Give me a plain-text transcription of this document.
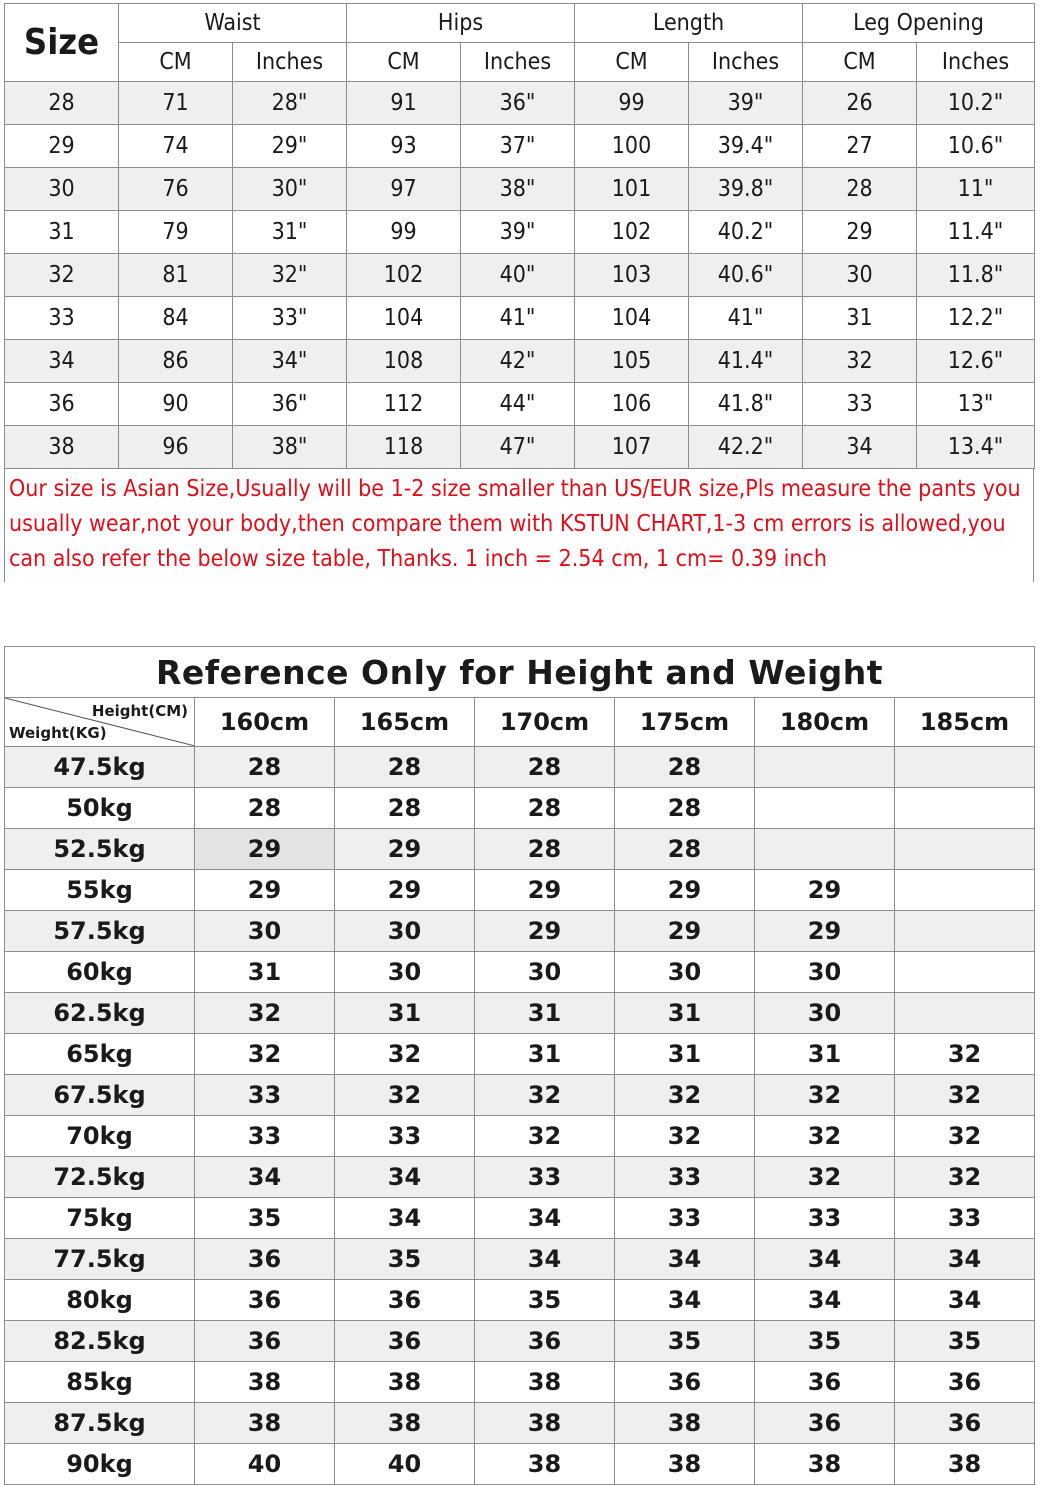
Size	Waist		Hips		Length		Leg Opening	
	CM	Inches	CM	Inches	CM	Inches	CM	Inches
28	71	28"	91	36"	99	39"	26	10.2"
29	74	29"	93	37"	100	39.4"	27	10.6"
30	76	30"	97	38"	101	39.8"	28	11"
31	79	31"	99	39"	102	40.2"	29	11.4"
32	81	32"	102	40"	103	40.6"	30	11.8"
33	84	33"	104	41"	104	41"	31	12.2"
34	86	34"	108	42"	105	41.4"	32	12.6"
36	90	36"	112	44"	106	41.8"	33	13"
38	96	38"	118	47"	107	42.2"	34	13.4"
Our size is Asian Size,Usually will be 1-2 size smaller than US/EUR size,Pls measure the pants you usually wear,not your body,then compare them with KSTUN CHART,1-3 cm errors is allowed,you can also refer the below size table, Thanks. 1 inch = 2.54 cm, 1 cm= 0.39 inch
Reference Only for Height and Weight						

Height(CM)
Weight(KG)	160cm	165cm	170cm	175cm	180cm	185cm
47.5kg	28	28	28	28		
50kg	28	28	28	28		
52.5kg	29	29	28	28		
55kg	29	29	29	29	29	
57.5kg	30	30	29	29	29	
60kg	31	30	30	30	30	
62.5kg	32	31	31	31	30	
65kg	32	32	31	31	31	32
67.5kg	33	32	32	32	32	32
70kg	33	33	32	32	32	32
72.5kg	34	34	33	33	32	32
75kg	35	34	34	33	33	33
77.5kg	36	35	34	34	34	34
80kg	36	36	35	34	34	34
82.5kg	36	36	36	35	35	35
85kg	38	38	38	36	36	36
87.5kg	38	38	38	38	36	36
90kg	40	40	38	38	38	38
